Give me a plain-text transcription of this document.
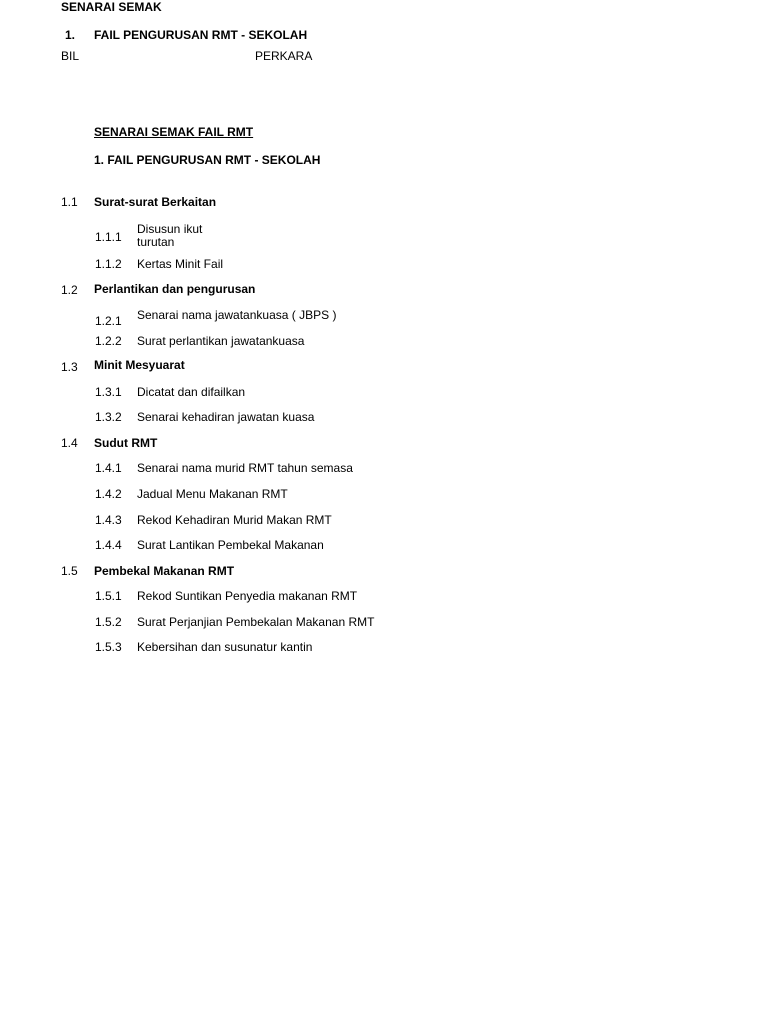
SENARAI SEMAK
1. FAIL PENGURUSAN RMT - SEKOLAH
BIL	PERKARA
SENARAI SEMAK FAIL RMT
1. FAIL PENGURUSAN RMT - SEKOLAH
1.1 Surat-surat Berkaitan
1.1.1
Disusun ikut
turutan
1.1.2 Kertas Minit Fail
1.2 Perlantikan dan pengurusan
1.2.1 Senarai nama jawatankuasa ( JBPS )
1.2.2 Surat perlantikan jawatankuasa
1.3 Minit Mesyuarat
1.3.1 Dicatat dan difailkan
1.3.2 Senarai kehadiran jawatan kuasa
1.4 Sudut RMT
1.4.1 Senarai nama murid RMT tahun semasa
1.4.2 Jadual Menu Makanan RMT
1.4.3 Rekod Kehadiran Murid Makan RMT
1.4.4 Surat Lantikan Pembekal Makanan
1.5 Pembekal Makanan RMT
1.5.1 Rekod Suntikan Penyedia makanan RMT
1.5.2 Surat Perjanjian Pembekalan Makanan RMT
1.5.3 Kebersihan dan susunatur kantin
